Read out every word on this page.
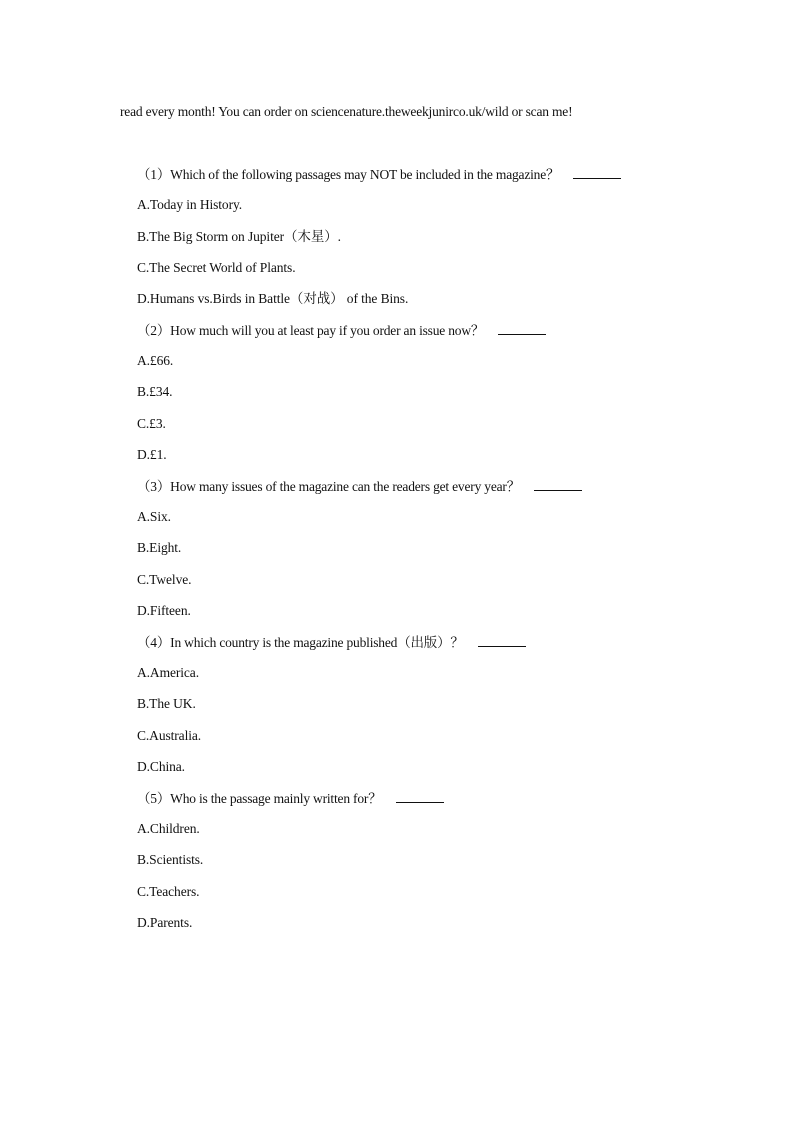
read every month! You can order on sciencenature.theweekjunirco.uk/wild or scan me!
（1）Which of the following passages may NOT be included in the magazine？
A.Today in History.
B.The Big Storm on Jupiter（木星）.
C.The Secret World of Plants.
D.Humans vs.Birds in Battle（对战） of the Bins.
（2）How much will you at least pay if you order an issue now？
A.£66.
B.£34.
C.£3.
D.£1.
（3）How many issues of the magazine can the readers get every year？
A.Six.
B.Eight.
C.Twelve.
D.Fifteen.
（4）In which country is the magazine published（出版）？
A.America.
B.The UK.
C.Australia.
D.China.
（5）Who is the passage mainly written for？
A.Children.
B.Scientists.
C.Teachers.
D.Parents.
